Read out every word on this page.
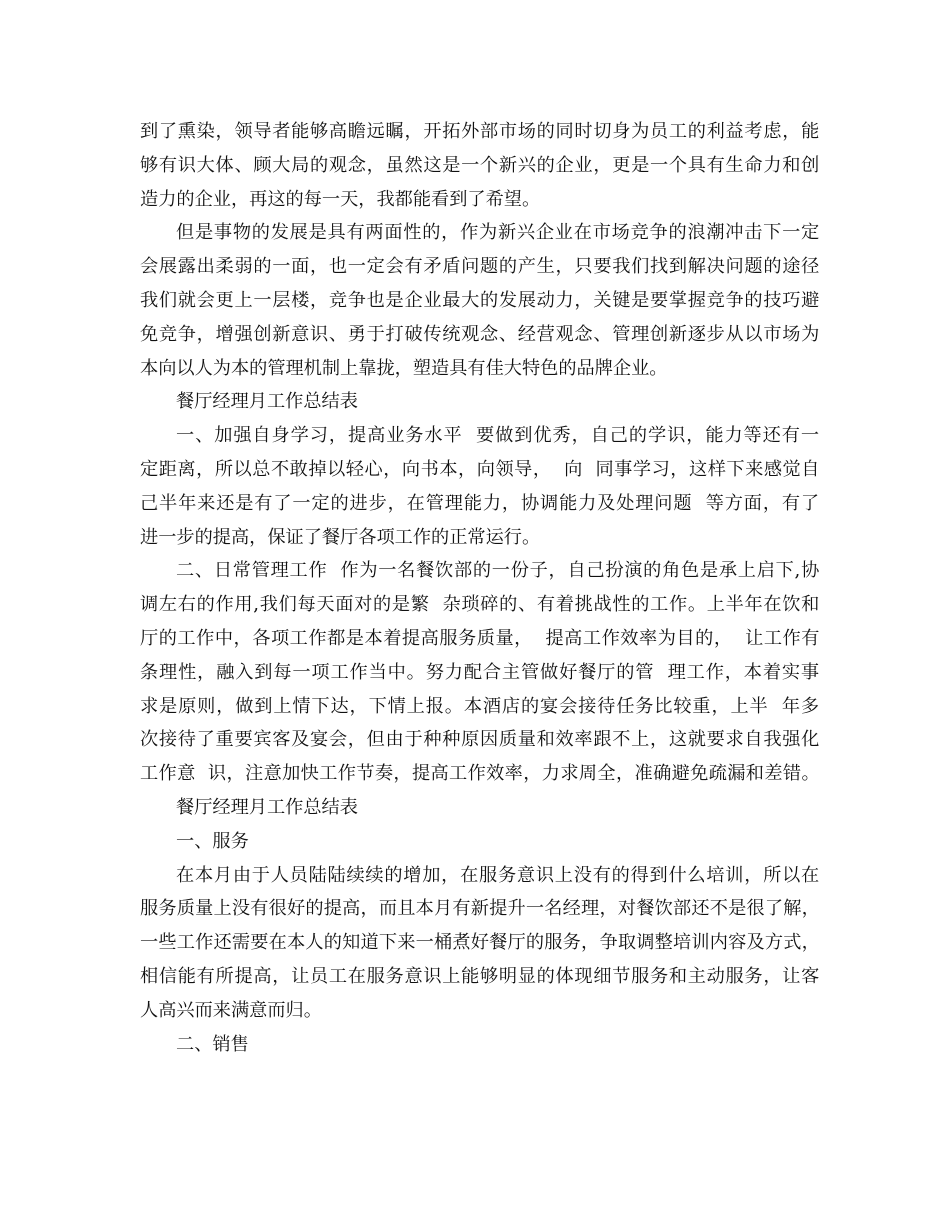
到了熏染，领导者能够高瞻远瞩，开拓外部市场的同时切身为员工的利益考虑，能
够有识大体、顾大局的观念，虽然这是一个新兴的企业，更是一个具有生命力和创
造力的企业，再这的每一天，我都能看到了希望。
但是事物的发展是具有两面性的，作为新兴企业在市场竞争的浪潮冲击下一定
会展露出柔弱的一面，也一定会有矛盾问题的产生，只要我们找到解决问题的途径
我们就会更上一层楼，竞争也是企业最大的发展动力，关键是要掌握竞争的技巧避
免竞争，增强创新意识、勇于打破传统观念、经营观念、管理创新逐步从以市场为
本向以人为本的管理机制上靠拢，塑造具有佳大特色的品牌企业。
餐厅经理月工作总结表
一、加强自身学习，提高业务水平  要做到优秀，自己的学识，能力等还有一
定距离，所以总不敢掉以轻心，向书本，向领导，  向  同事学习，这样下来感觉自
己半年来还是有了一定的进步，在管理能力，协调能力及处理问题  等方面，有了
进一步的提高，保证了餐厅各项工作的正常运行。
二、日常管理工作  作为一名餐饮部的一份子，自己扮演的角色是承上启下,协
调左右的作用,我们每天面对的是繁  杂琐碎的、有着挑战性的工作。上半年在饮和
厅的工作中，各项工作都是本着提高服务质量，  提高工作效率为目的，  让工作有
条理性，融入到每一项工作当中。努力配合主管做好餐厅的管  理工作，本着实事
求是原则，做到上情下达，下情上报。本酒店的宴会接待任务比较重，上半  年多
次接待了重要宾客及宴会，但由于种种原因质量和效率跟不上，这就要求自我强化
工作意  识，注意加快工作节奏，提高工作效率，力求周全，准确避免疏漏和差错。
餐厅经理月工作总结表
一、服务
在本月由于人员陆陆续续的增加，在服务意识上没有的得到什么培训，所以在
服务质量上没有很好的提高，而且本月有新提升一名经理，对餐饮部还不是很了解，
一些工作还需要在本人的知道下来一桶煮好餐厅的服务，争取调整培训内容及方式，
相信能有所提高，让员工在服务意识上能够明显的体现细节服务和主动服务，让客
人高兴而来满意而归。
二、销售
